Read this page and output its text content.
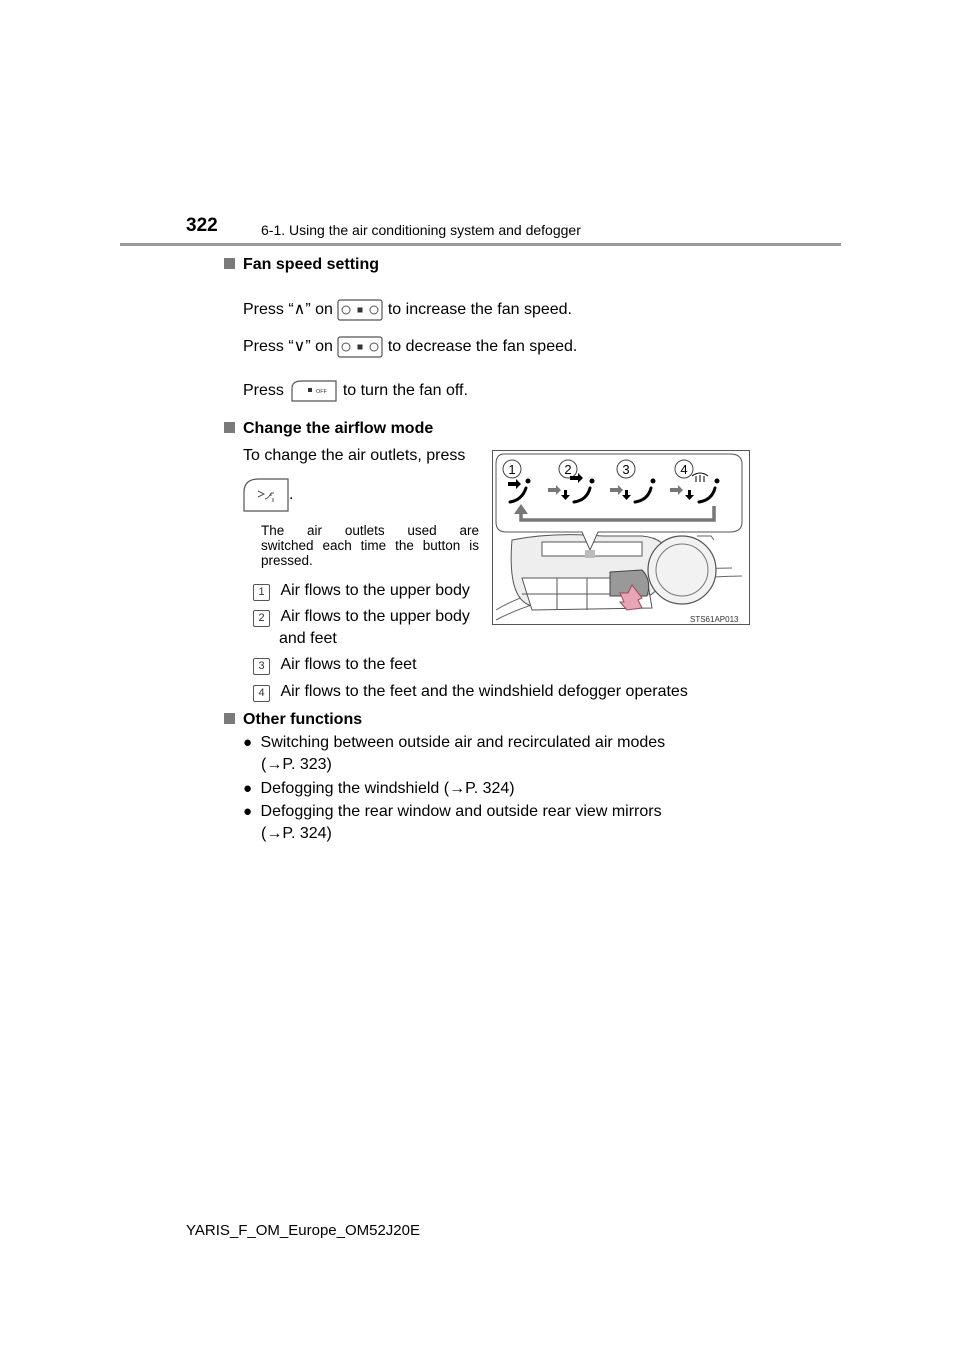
322	6-1. Using the air conditioning system and defogger
Fan speed setting
Press “∧” on	to increase the fan speed.
Press “∨” on	to decrease the fan speed.
Press	OFF to turn the fan off.
Change the airflow mode
To change the air outlets, press
.
The air outlets used are
switched each time the button is
pressed.
1 Air flows to the upper body
2 Air flows to the upper body
and feet
3 Air flows to the feet
4 Air flows to the feet and the windshield defogger operates
1	2	3	4
STS61AP013
Other functions
● Switching between outside air and recirculated air modes
(→P. 323)
● Defogging the windshield (→P. 324)
● Defogging the rear window and outside rear view mirrors
(→P. 324)
YARIS_F_OM_Europe_OM52J20E
